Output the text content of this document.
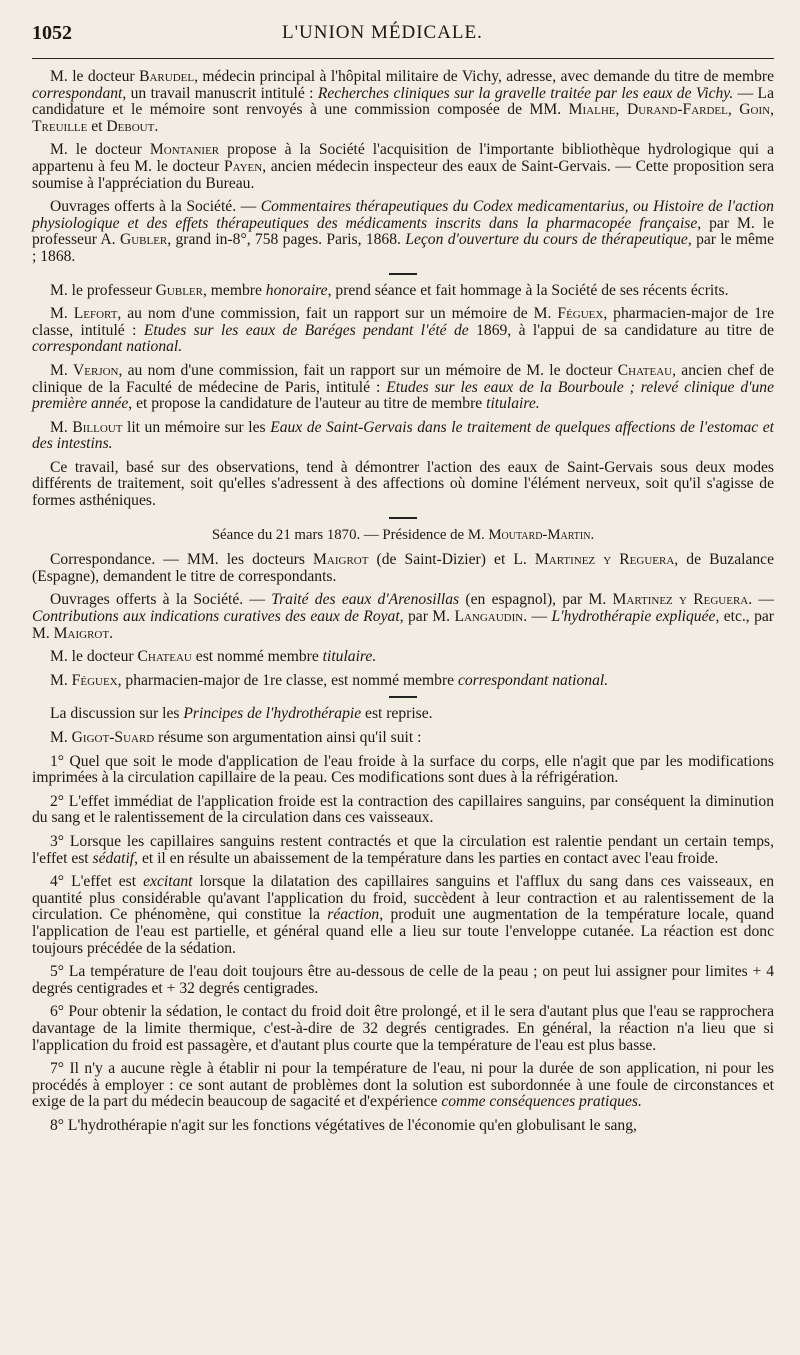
1052	L'UNION MÉDICALE.

M. le docteur Barudel, médecin principal à l'hôpital militaire de Vichy, adresse, avec demande du titre de membre correspondant, un travail manuscrit intitulé : Recherches cliniques sur la gravelle traitée par les eaux de Vichy. — La candidature et le mémoire sont renvoyés à une commission composée de MM. Mialhe, Durand-Fardel, Goin, Treuille et Debout.

M. le docteur Montanier propose à la Société l'acquisition de l'importante bibliothèque hydrologique qui a appartenu à feu M. le docteur Payen, ancien médecin inspecteur des eaux de Saint-Gervais. — Cette proposition sera soumise à l'appréciation du Bureau.

Ouvrages offerts à la Société. — Commentaires thérapeutiques du Codex medicamentarius, ou Histoire de l'action physiologique et des effets thérapeutiques des médicaments inscrits dans la pharmacopée française, par M. le professeur A. Gubler, grand in-8°, 758 pages. Paris, 1868. Leçon d'ouverture du cours de thérapeutique, par le même ; 1868.

M. le professeur Gubler, membre honoraire, prend séance et fait hommage à la Société de ses récents écrits.

M. Lefort, au nom d'une commission, fait un rapport sur un mémoire de M. Féguex, pharmacien-major de 1re classe, intitulé : Etudes sur les eaux de Baréges pendant l'été de 1869, à l'appui de sa candidature au titre de correspondant national.

M. Verjon, au nom d'une commission, fait un rapport sur un mémoire de M. le docteur Chateau, ancien chef de clinique de la Faculté de médecine de Paris, intitulé : Etudes sur les eaux de la Bourboule ; relevé clinique d'une première année, et propose la candidature de l'auteur au titre de membre titulaire.

M. Billout lit un mémoire sur les Eaux de Saint-Gervais dans le traitement de quelques affections de l'estomac et des intestins.

Ce travail, basé sur des observations, tend à démontrer l'action des eaux de Saint-Gervais sous deux modes différents de traitement, soit qu'elles s'adressent à des affections où domine l'élément nerveux, soit qu'il s'agisse de formes asthéniques.

Séance du 21 mars 1870. — Présidence de M. Moutard-Martin.

Correspondance. — MM. les docteurs Maigrot (de Saint-Dizier) et L. Martinez y Reguera, de Buzalance (Espagne), demandent le titre de correspondants.

Ouvrages offerts à la Société. — Traité des eaux d'Arenosillas (en espagnol), par M. Martinez y Reguera. — Contributions aux indications curatives des eaux de Royat, par M. Langaudin. — L'hydrothérapie expliquée, etc., par M. Maigrot.

M. le docteur Chateau est nommé membre titulaire.

M. Féguex, pharmacien-major de 1re classe, est nommé membre correspondant national.

La discussion sur les Principes de l'hydrothérapie est reprise.

M. Gigot-Suard résume son argumentation ainsi qu'il suit :

1° Quel que soit le mode d'application de l'eau froide à la surface du corps, elle n'agit que par les modifications imprimées à la circulation capillaire de la peau. Ces modifications sont dues à la réfrigération.

2° L'effet immédiat de l'application froide est la contraction des capillaires sanguins, par conséquent la diminution du sang et le ralentissement de la circulation dans ces vaisseaux.

3° Lorsque les capillaires sanguins restent contractés et que la circulation est ralentie pendant un certain temps, l'effet est sédatif, et il en résulte un abaissement de la température dans les parties en contact avec l'eau froide.

4° L'effet est excitant lorsque la dilatation des capillaires sanguins et l'afflux du sang dans ces vaisseaux, en quantité plus considérable qu'avant l'application du froid, succèdent à leur contraction et au ralentissement de la circulation. Ce phénomène, qui constitue la réaction, produit une augmentation de la température locale, quand l'application de l'eau est partielle, et général quand elle a lieu sur toute l'enveloppe cutanée. La réaction est donc toujours précédée de la sédation.

5° La température de l'eau doit toujours être au-dessous de celle de la peau ; on peut lui assigner pour limites + 4 degrés centigrades et + 32 degrés centigrades.

6° Pour obtenir la sédation, le contact du froid doit être prolongé, et il le sera d'autant plus que l'eau se rapprochera davantage de la limite thermique, c'est-à-dire de 32 degrés centigrades. En général, la réaction n'a lieu que si l'application du froid est passagère, et d'autant plus courte que la température de l'eau est plus basse.

7° Il n'y a aucune règle à établir ni pour la température de l'eau, ni pour la durée de son application, ni pour les procédés à employer : ce sont autant de problèmes dont la solution est subordonnée à une foule de circonstances et exige de la part du médecin beaucoup de sagacité et d'expérience comme conséquences pratiques.

8° L'hydrothérapie n'agit sur les fonctions végétatives de l'économie qu'en globulisant le sang,
